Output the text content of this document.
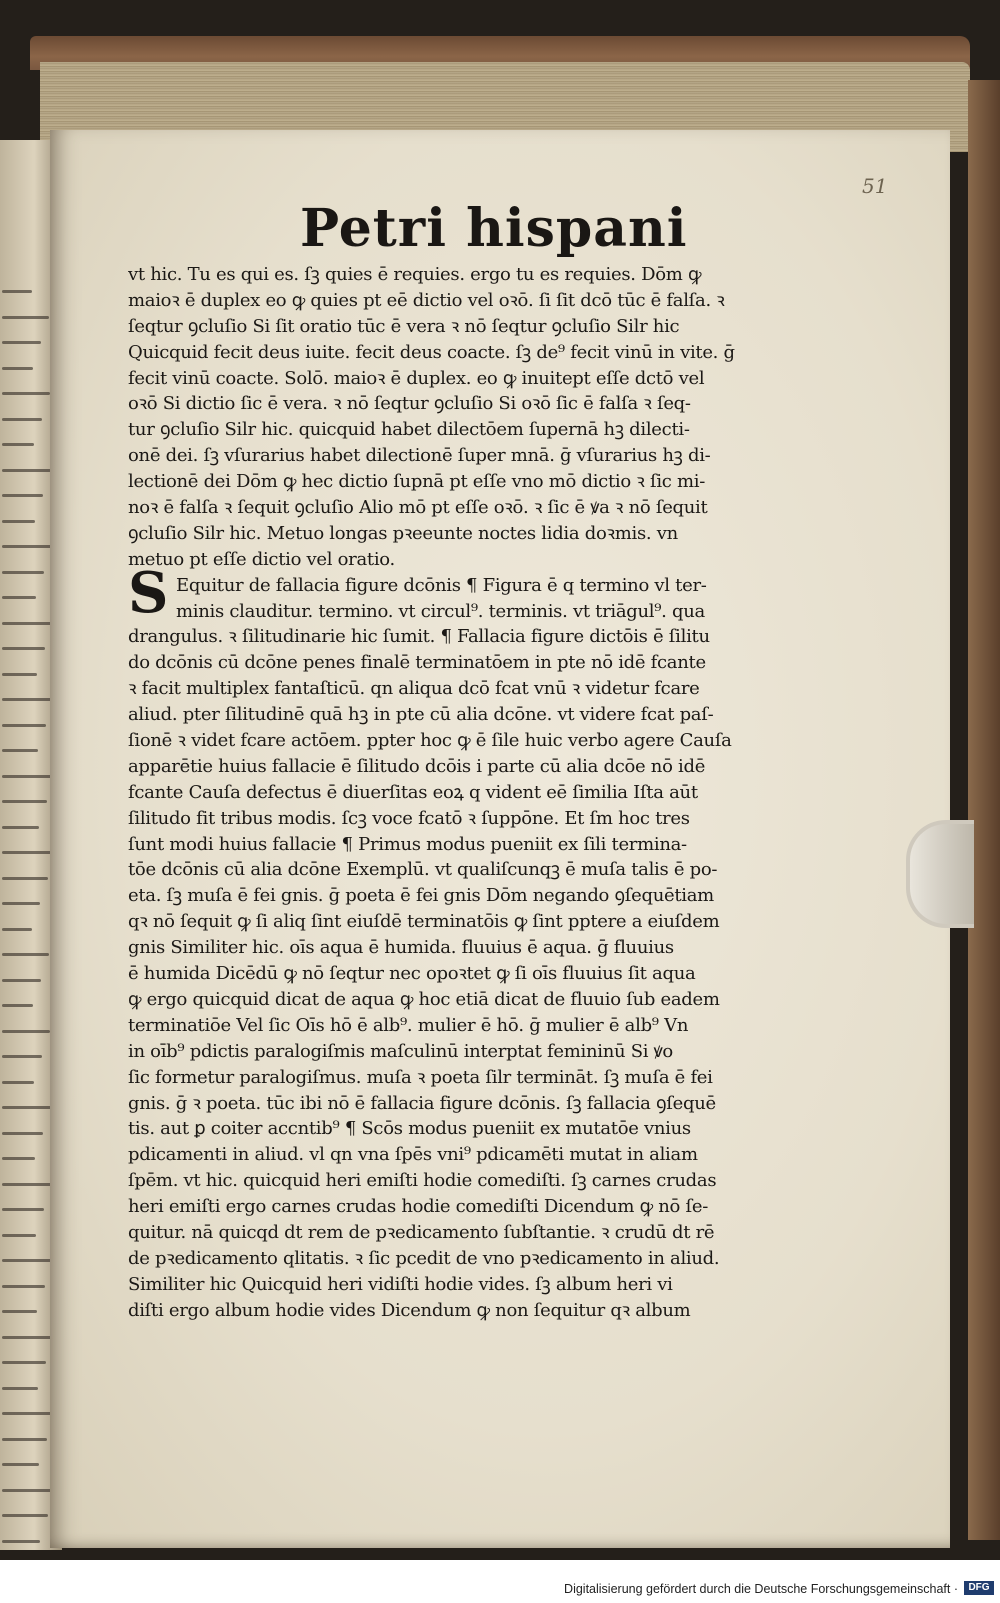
51
Petri hispani
S
vt hic. Tu es qui es. ſꝫ quies ē requies. ergo tu es requies. Dōm ꝙ
maioꝛ ē duplex eo ꝙ quies pt eē dictio vel oꝛō. ſi ſit dcō tūc ē falſa. ꝛ
ſeqtur ꝯcluſio Si ſit oratio tūc ē vera ꝛ nō ſeqtur ꝯcluſio Silr hic
Quicquid fecit deus iuite. fecit deus coacte. ſꝫ de⁹ fecit vinū in vite. ḡ
fecit vinū coacte. Solō. maioꝛ ē duplex. eo ꝙ inuitept eſſe dctō vel
oꝛō Si dictio ſic ē vera. ꝛ nō ſeqtur ꝯcluſio Si oꝛō ſic ē falſa ꝛ ſeq-
tur ꝯcluſio Silr hic. quicquid habet dilectōem ſupernā hꝫ dilecti-
onē dei. ſꝫ vſurarius habet dilectionē ſuper mnā. ḡ vſurarius hꝫ di-
lectionē dei Dōm ꝙ hec dictio ſupnā pt eſſe vno mō dictio ꝛ ſic mi-
noꝛ ē falſa ꝛ ſequit ꝯcluſio Alio mō pt eſſe oꝛō. ꝛ ſic ē ꝟa ꝛ nō ſequit
ꝯcluſio Silr hic. Metuo longas pꝛeeunte noctes lidia doꝛmis. vn
metuo pt eſſe dictio vel oratio.
Equitur de fallacia figure dcōnis ¶ Figura ē q termino vl ter-
minis clauditur. termino. vt circul⁹. terminis. vt triāgul⁹. qua
drangulus. ꝛ ſilitudinarie hic ſumit. ¶ Fallacia figure dictōis ē ſilitu
do dcōnis cū dcōne penes finalē terminatōem in pte nō idē fcante
ꝛ facit multiplex fantaſticū. qn aliqua dcō fcat vnū ꝛ videtur fcare
aliud. pter ſilitudinē quā hꝫ in pte cū alia dcōne. vt videre fcat paſ-
ſionē ꝛ videt fcare actōem. ppter hoc ꝙ ē ſile huic verbo agere Cauſa
apparētie huius fallacie ē ſilitudo dcōis i parte cū alia dcōe nō idē
fcante Cauſa defectus ē diuerſitas eoꝝ q vident eē ſimilia Iſta aūt
ſilitudo fit tribus modis. ſcꝫ voce fcatō ꝛ ſuppōne. Et ſm hoc tres
ſunt modi huius fallacie ¶ Primus modus pueniit ex ſili termina-
tōe dcōnis cū alia dcōne Exemplū. vt qualiſcunqꝫ ē muſa talis ē po-
eta. ſꝫ muſa ē fei gnis. ḡ poeta ē fei gnis Dōm negando ꝯſequētiam
qꝛ nō ſequit ꝙ ſi aliq ſint eiuſdē terminatōis ꝙ ſint pptere a eiuſdem
gnis Similiter hic. oīs aqua ē humida. fluuius ē aqua. ḡ fluuius
ē humida Dicēdū ꝙ nō ſeqtur nec opoꝛtet ꝙ ſi oīs fluuius ſit aqua
ꝙ ergo quicquid dicat de aqua ꝙ hoc etiā dicat de fluuio ſub eadem
terminatiōe Vel ſic Oīs hō ē alb⁹. mulier ē hō. ḡ mulier ē alb⁹ Vn
in oīb⁹ pdictis paralogiſmis maſculinū interptat femininū Si ꝟo
ſic formetur paralogiſmus. muſa ꝛ poeta ſilr termināt. ſꝫ muſa ē fei
gnis. ḡ ꝛ poeta. tūc ibi nō ē fallacia figure dcōnis. ſꝫ fallacia ꝯſequē
tis. aut ꝑ coiter accntib⁹ ¶ Scōs modus pueniit ex mutatōe vnius
pdicamenti in aliud. vl qn vna ſpēs vni⁹ pdicamēti mutat in aliam
ſpēm. vt hic. quicquid heri emiſti hodie comediſti. ſꝫ carnes crudas
heri emiſti ergo carnes crudas hodie comediſti Dicendum ꝙ nō ſe-
quitur. nā quicqd dt rem de pꝛedicamento ſubſtantie. ꝛ crudū dt rē
de pꝛedicamento qlitatis. ꝛ ſic pcedit de vno pꝛedicamento in aliud.
Similiter hic Quicquid heri vidiſti hodie vides. ſꝫ album heri vi
diſti ergo album hodie vides Dicendum ꝙ non ſequitur qꝛ album
Digitalisierung gefördert durch die Deutsche Forschungsgemeinschaft ·	DFG
